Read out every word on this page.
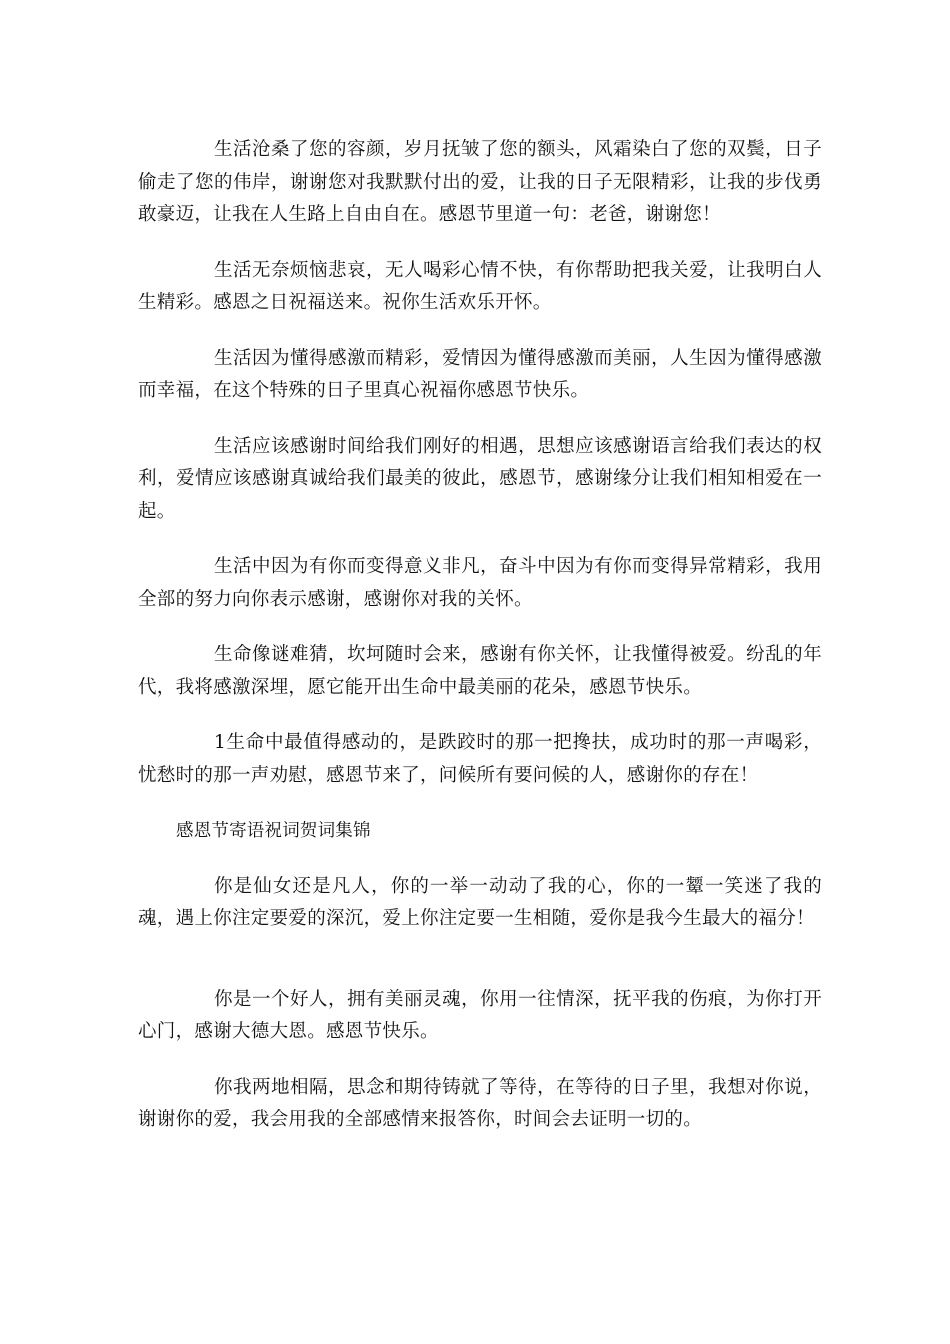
生活沧桑了您的容颜，岁月抚皱了您的额头，风霜染白了您的双鬓，日子偷走了您的伟岸，谢谢您对我默默付出的爱，让我的日子无限精彩，让我的步伐勇敢豪迈，让我在人生路上自由自在。感恩节里道一句：老爸，谢谢您！

生活无奈烦恼悲哀，无人喝彩心情不快，有你帮助把我关爱，让我明白人生精彩。感恩之日祝福送来。祝你生活欢乐开怀。

生活因为懂得感激而精彩，爱情因为懂得感激而美丽，人生因为懂得感激而幸福，在这个特殊的日子里真心祝福你感恩节快乐。

生活应该感谢时间给我们刚好的相遇，思想应该感谢语言给我们表达的权利，爱情应该感谢真诚给我们最美的彼此，感恩节，感谢缘分让我们相知相爱在一起。

生活中因为有你而变得意义非凡，奋斗中因为有你而变得异常精彩，我用全部的努力向你表示感谢，感谢你对我的关怀。

生命像谜难猜，坎坷随时会来，感谢有你关怀，让我懂得被爱。纷乱的年代，我将感激深埋，愿它能开出生命中最美丽的花朵，感恩节快乐。

1生命中最值得感动的，是跌跤时的那一把搀扶，成功时的那一声喝彩，忧愁时的那一声劝慰，感恩节来了，问候所有要问候的人，感谢你的存在！

感恩节寄语祝词贺词集锦

你是仙女还是凡人，你的一举一动动了我的心，你的一颦一笑迷了我的魂，遇上你注定要爱的深沉，爱上你注定要一生相随，爱你是我今生最大的福分！

你是一个好人，拥有美丽灵魂，你用一往情深，抚平我的伤痕，为你打开心门，感谢大德大恩。感恩节快乐。

你我两地相隔，思念和期待铸就了等待，在等待的日子里，我想对你说，谢谢你的爱，我会用我的全部感情来报答你，时间会去证明一切的。
